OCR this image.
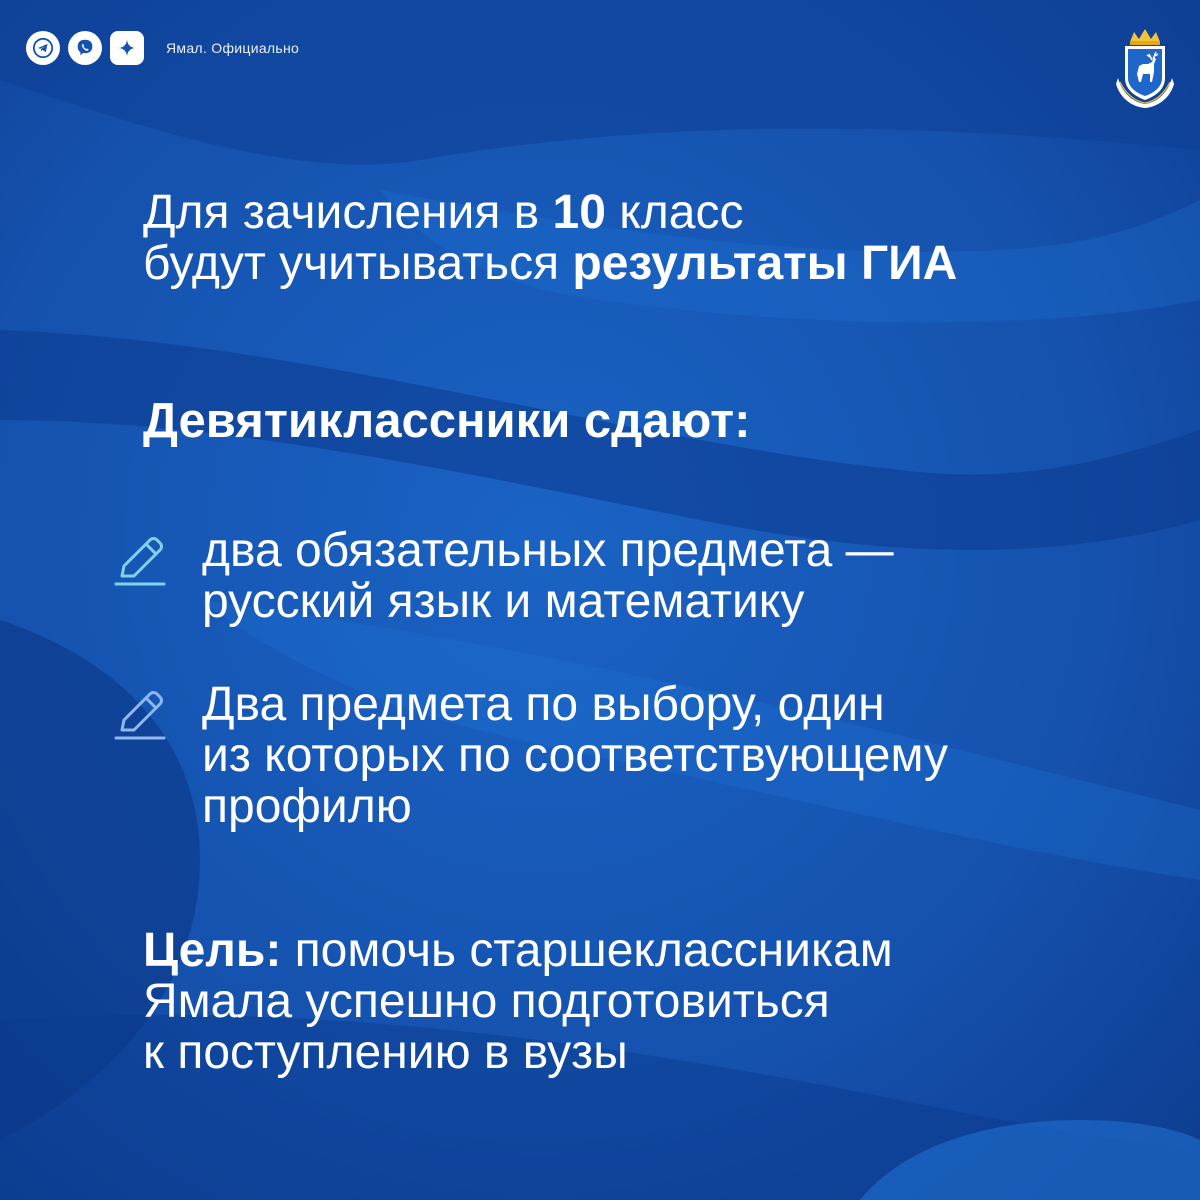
Ямал. Официально
Для зачисления в 10 класс
будут учитываться результаты ГИА
Девятиклассники сдают:
два обязательных предмета —
русский язык и математику
Два предмета по выбору, один
из которых по соответствующему
профилю
Цель: помочь старшеклассникам
Ямала успешно подготовиться
к поступлению в вузы
